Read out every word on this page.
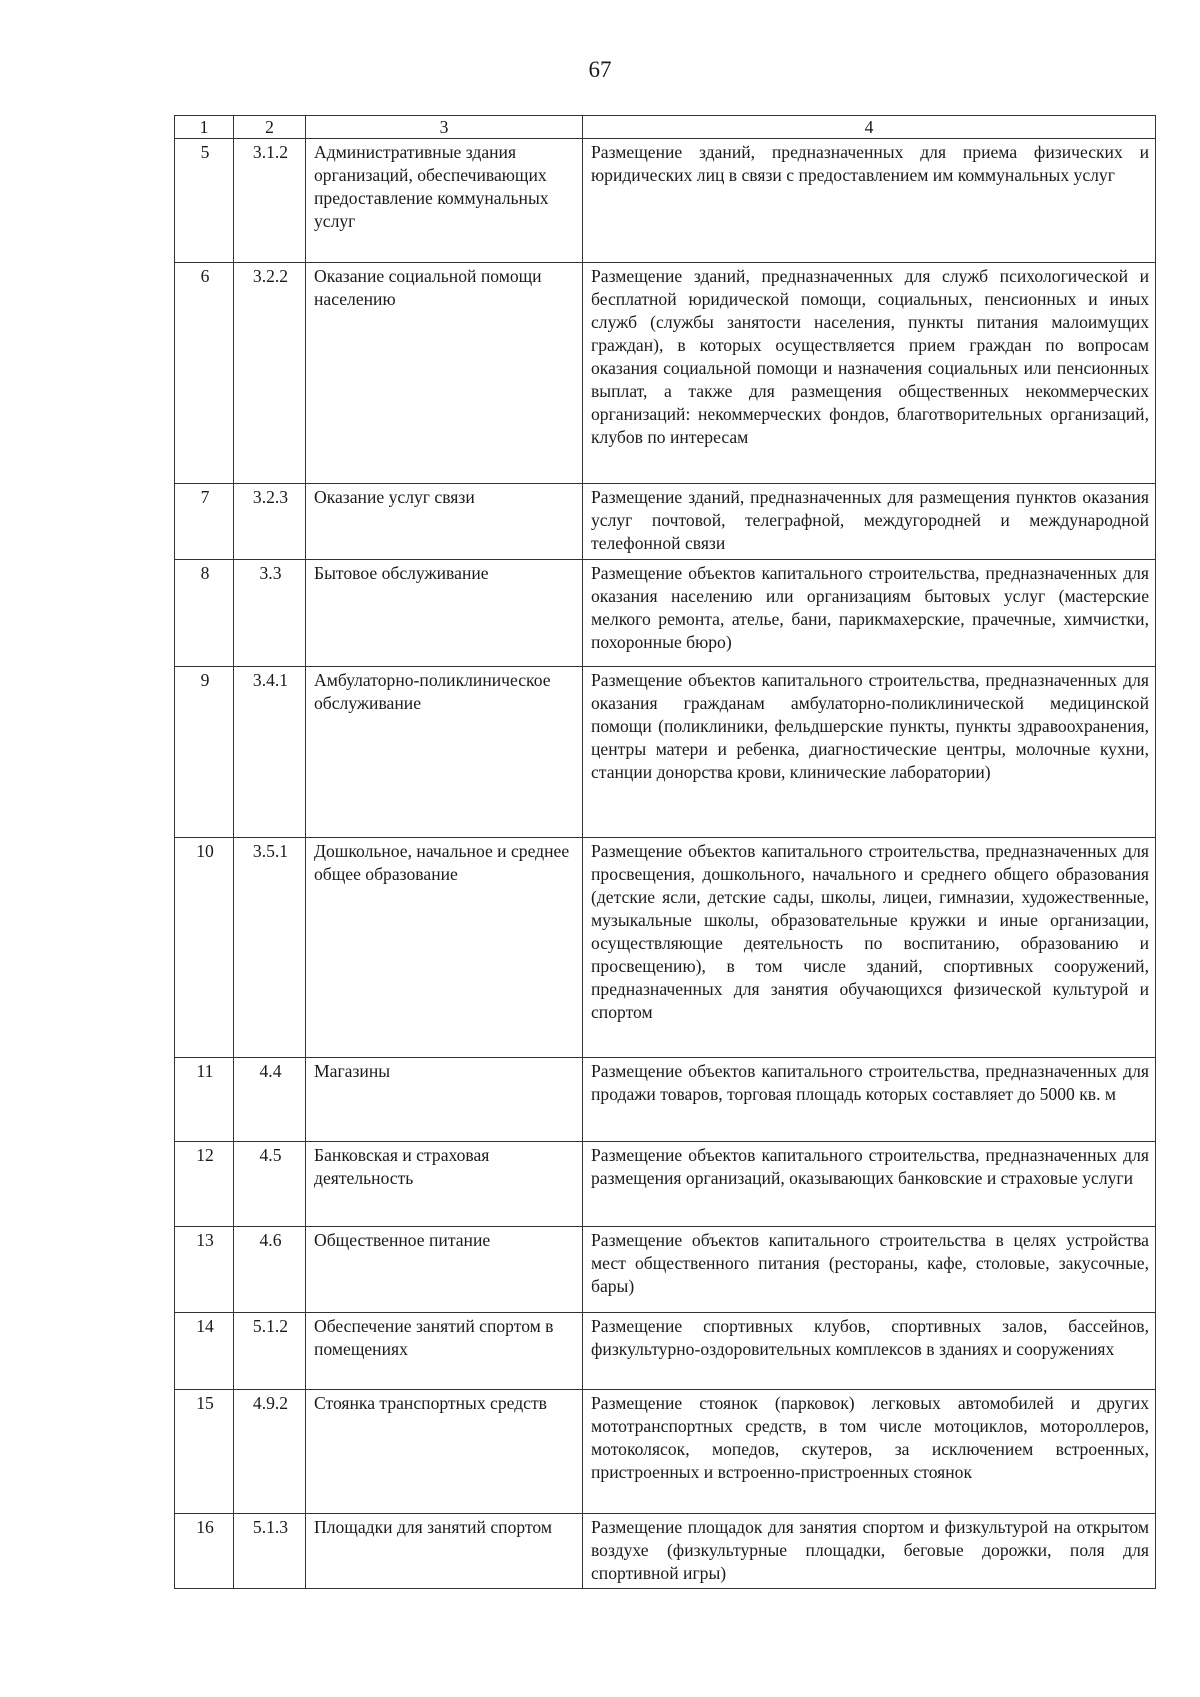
67
1	2	3	4
5	3.1.2	Административные здания организаций, обеспечивающих предоставление коммунальных услуг	Размещение зданий, предназначенных для приема физических и юридических лиц в связи с предоставлением им коммунальных услуг
6	3.2.2	Оказание социальной помощи населению	Размещение зданий, предназначенных для служб психологической и бесплатной юридической помощи, социальных, пенсионных и иных служб (службы занятости населения, пункты питания малоимущих граждан), в которых осуществляется прием граждан по вопросам оказания социальной помощи и назначения социальных или пенсионных выплат, а также для размещения общественных некоммерческих организаций: некоммерческих фондов, благотворительных организаций, клубов по интересам
7	3.2.3	Оказание услуг связи	Размещение зданий, предназначенных для размещения пунктов оказания услуг почтовой, телеграфной, междугородней и международной телефонной связи
8	3.3	Бытовое обслуживание	Размещение объектов капитального строительства, предназначенных для оказания населению или организациям бытовых услуг (мастерские мелкого ремонта, ателье, бани, парикмахерские, прачечные, химчистки, похоронные бюро)
9	3.4.1	Амбулаторно-поликлиническое обслуживание	Размещение объектов капитального строительства, предназначенных для оказания гражданам амбулаторно-поликлинической медицинской помощи (поликлиники, фельдшерские пункты, пункты здравоохранения, центры матери и ребенка, диагностические центры, молочные кухни, станции донорства крови, клинические лаборатории)
10	3.5.1	Дошкольное, начальное и среднее общее образование	Размещение объектов капитального строительства, предназначенных для просвещения, дошкольного, начального и среднего общего образования (детские ясли, детские сады, школы, лицеи, гимназии, художественные, музыкальные школы, образовательные кружки и иные организации, осуществляющие деятельность по воспитанию, образованию и просвещению), в том числе зданий, спортивных сооружений, предназначенных для занятия обучающихся физической культурой и спортом
11	4.4	Магазины	Размещение объектов капитального строительства, предназначенных для продажи товаров, торговая площадь которых составляет до 5000 кв. м
12	4.5	Банковская и страховая деятельность	Размещение объектов капитального строительства, предназначенных для размещения организаций, оказывающих банковские и страховые услуги
13	4.6	Общественное питание	Размещение объектов капитального строительства в целях устройства мест общественного питания (рестораны, кафе, столовые, закусочные, бары)
14	5.1.2	Обеспечение занятий спортом в помещениях	Размещение спортивных клубов, спортивных залов, бассейнов, физкультурно-оздоровительных комплексов в зданиях и сооружениях
15	4.9.2	Стоянка транспортных средств	Размещение стоянок (парковок) легковых автомобилей и других мототранспортных средств, в том числе мотоциклов, мотороллеров, мотоколясок, мопедов, скутеров, за исключением встроенных, пристроенных и встроенно-пристроенных стоянок
16	5.1.3	Площадки для занятий спортом	Размещение площадок для занятия спортом и физкультурой на открытом воздухе (физкультурные площадки, беговые дорожки, поля для спортивной игры)
